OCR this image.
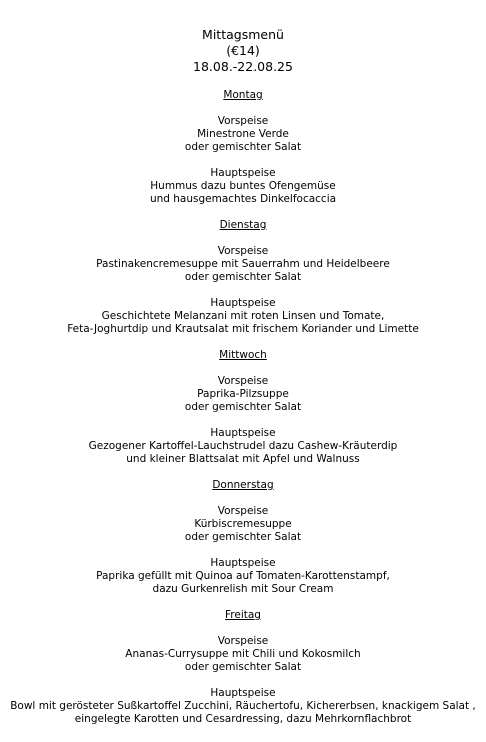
Mittagsmenü
(€14)
18.08.-22.08.25
Montag
Vorspeise
Minestrone Verde
oder gemischter Salat
Hauptspeise
Hummus dazu buntes Ofengemüse
und hausgemachtes Dinkelfocaccia
Dienstag
Vorspeise
Pastinakencremesuppe mit Sauerrahm und Heidelbeere
oder gemischter Salat
Hauptspeise
Geschichtete Melanzani mit roten Linsen und Tomate,
Feta-Joghurtdip und Krautsalat mit frischem Koriander und Limette
Mittwoch
Vorspeise
Paprika-Pilzsuppe
oder gemischter Salat
Hauptspeise
Gezogener Kartoffel-Lauchstrudel dazu Cashew-Kräuterdip
und kleiner Blattsalat mit Apfel und Walnuss
Donnerstag
Vorspeise
Kürbiscremesuppe
oder gemischter Salat
Hauptspeise
Paprika gefüllt mit Quinoa auf Tomaten-Karottenstampf,
dazu Gurkenrelish mit Sour Cream
Freitag
Vorspeise
Ananas-Currysuppe mit Chili und Kokosmilch
oder gemischter Salat
Hauptspeise
Bowl mit gerösteter Sußkartoffel Zucchini, Räuchertofu, Kichererbsen, knackigem Salat ,
eingelegte Karotten und Cesardressing, dazu Mehrkornflachbrot
